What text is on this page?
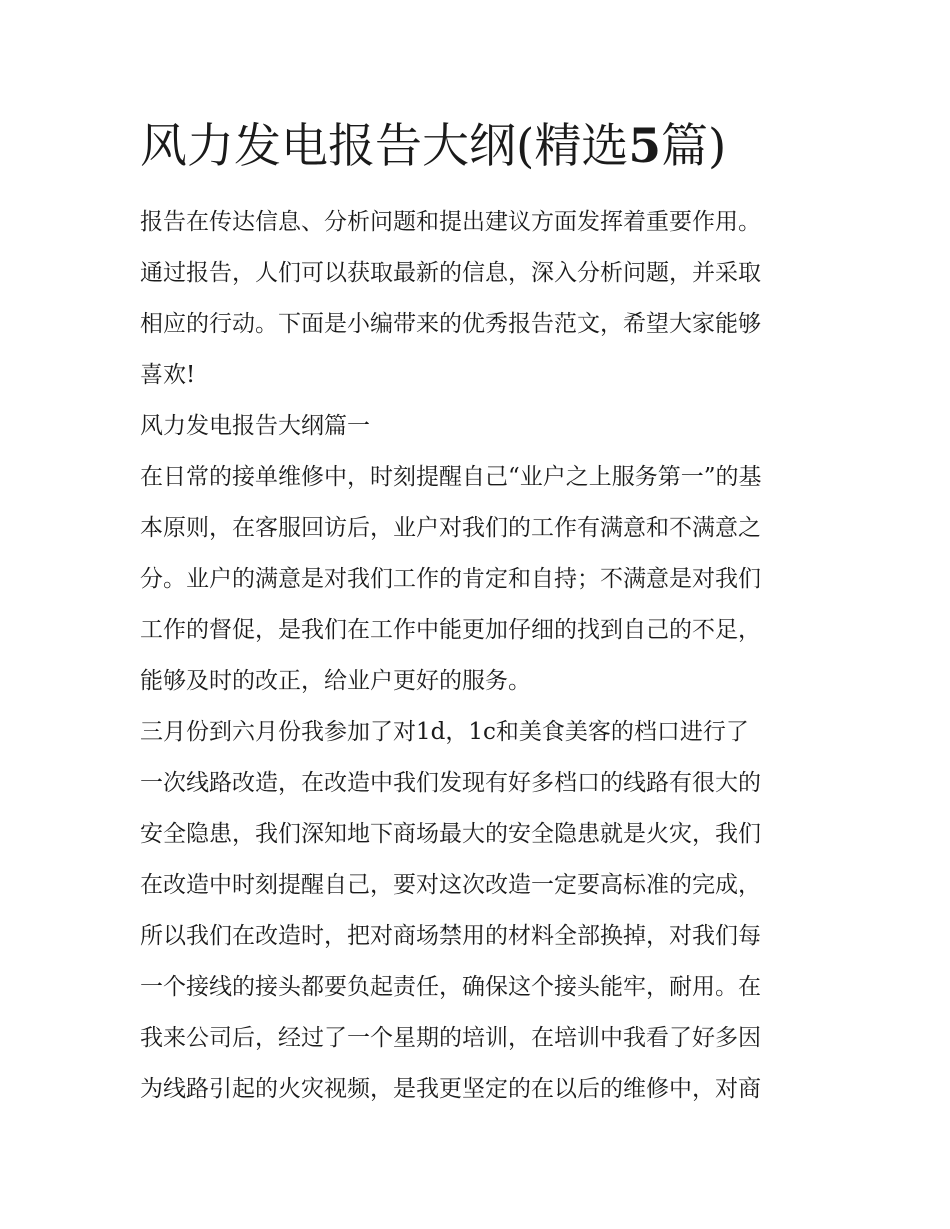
风力发电报告大纲(精选5篇)

报告在传达信息、分析问题和提出建议方面发挥着重要作用。

通过报告，人们可以获取最新的信息，深入分析问题，并采取

相应的行动。下面是小编带来的优秀报告范文，希望大家能够

喜欢!

风力发电报告大纲篇一

在日常的接单维修中，时刻提醒自己“业户之上服务第一”的基

本原则，在客服回访后，业户对我们的工作有满意和不满意之

分。业户的满意是对我们工作的肯定和自持；不满意是对我们

工作的督促，是我们在工作中能更加仔细的找到自己的不足，

能够及时的改正，给业户更好的服务。

三月份到六月份我参加了对1d，1c和美食美客的档口进行了

一次线路改造，在改造中我们发现有好多档口的线路有很大的

安全隐患，我们深知地下商场最大的安全隐患就是火灾，我们

在改造中时刻提醒自己，要对这次改造一定要高标准的完成，

所以我们在改造时，把对商场禁用的材料全部换掉，对我们每

一个接线的接头都要负起责任，确保这个接头能牢，耐用。在

我来公司后，经过了一个星期的培训，在培训中我看了好多因

为线路引起的火灾视频，是我更坚定的在以后的维修中，对商
